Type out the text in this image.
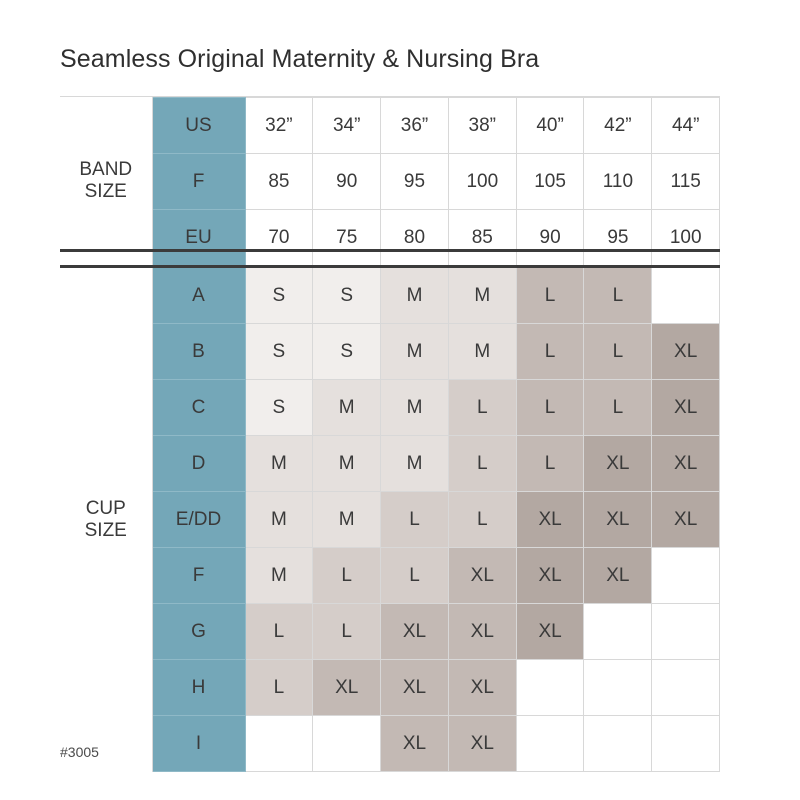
Seamless Original Maternity & Nursing Bra
BAND
SIZE	US	32”	34”	36”	38”	40”	42”	44”
	F	85	90	95	100	105	110	115
	EU	70	75	80	85	90	95	100

CUP
SIZE	A	S	S	M	M	L	L	
	B	S	S	M	M	L	L	XL
	C	S	M	M	L	L	L	XL
	D	M	M	M	L	L	XL	XL
	E/DD	M	M	L	L	XL	XL	XL
	F	M	L	L	XL	XL	XL	
	G	L	L	XL	XL	XL		
	H	L	XL	XL	XL			
	I			XL	XL			
#3005
